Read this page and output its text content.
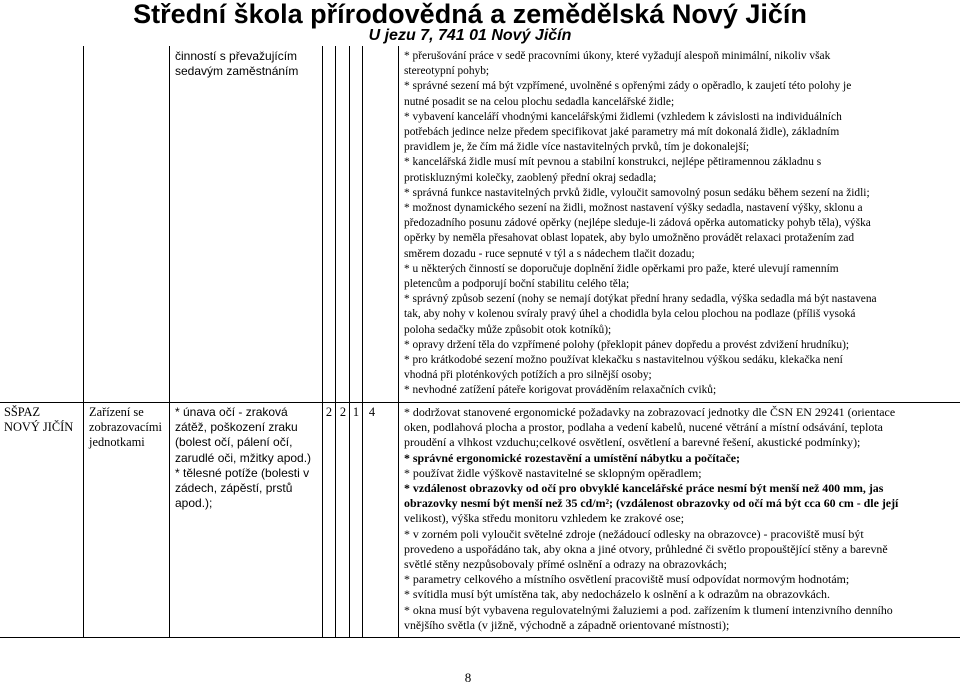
Střední škola přírodovědná a zemědělská Nový Jičín
U jezu 7, 741 01 Nový Jičín

činností s převažujícím

sedavým zaměstnáním

* přerušování práce v sedě pracovními úkony, které vyžadují alespoň minimální, nikoliv však

stereotypní pohyb;

* správné sezení má být vzpřímené, uvolněné s opřenými zády o opěradlo, k zaujetí této polohy je

nutné posadit se na celou plochu sedadla kancelářské židle;

* vybavení kanceláří vhodnými kancelářskými židlemi (vzhledem k závislosti na individuálních

potřebách jedince nelze předem specifikovat jaké parametry má mít dokonalá židle), základním

pravidlem je, že čím má židle více nastavitelných prvků, tím je dokonalejší;

* kancelářská židle musí mít pevnou a stabilní konstrukci, nejlépe pětiramennou základnu s

protiskluznými kolečky, zaoblený přední okraj sedadla;

* správná funkce nastavitelných prvků židle, vyloučit samovolný posun sedáku během sezení na židli;

* možnost dynamického sezení na židli, možnost nastavení výšky sedadla, nastavení výšky, sklonu a

předozadního posunu zádové opěrky (nejlépe sleduje-li zádová opěrka automaticky pohyb těla), výška

opěrky by neměla přesahovat oblast lopatek, aby bylo umožněno provádět relaxaci protažením zad

směrem dozadu - ruce sepnuté v týl a s nádechem tlačit dozadu;

* u některých činností se doporučuje doplnění židle opěrkami pro paže, které ulevují ramenním

pletencům a podporují boční stabilitu celého těla;

* správný způsob sezení (nohy se nemají dotýkat přední hrany sedadla, výška sedadla má být nastavena

tak, aby nohy v kolenou svíraly pravý úhel a chodidla byla celou plochou na podlaze (příliš vysoká

poloha sedačky může způsobit otok kotníků);

* opravy držení těla do vzpřímené polohy (překlopit pánev dopředu a provést zdvižení hrudníku);

* pro krátkodobé sezení možno používat klekačku s nastavitelnou výškou sedáku, klekačka není

vhodná při ploténkových potížích a pro silnější osoby;

* nevhodné zatížení páteře korigovat prováděním relaxačních cviků;

SŠPAZ

NOVÝ JIČÍN

Zařízení se

zobrazovacími

jednotkami

* únava očí - zraková

zátěž, poškození zraku

(bolest očí, pálení očí,

zarudlé oči, mžitky apod.)

* tělesné potíže (bolesti v

zádech, zápěstí, prstů

apod.);

2 2 1 4 * dodržovat stanovené ergonomické požadavky na zobrazovací jednotky dle ČSN EN 29241 (orientace

oken, podlahová plocha a prostor, podlaha a vedení kabelů, nucené větrání a místní odsávání, teplota

proudění a vlhkost vzduchu;celkové osvětlení, osvětlení a barevné řešení, akustické podmínky);

* správné ergonomické rozestavění a umístění nábytku a počítače;

* používat židle výškově nastavitelné se sklopným opěradlem;

* vzdálenost obrazovky od očí pro obvyklé kancelářské práce nesmí být menší než 400 mm, jas

obrazovky nesmí být menší než 35 cd/m²; (vzdálenost obrazovky od očí má být cca 60 cm - dle její

velikost), výška středu monitoru vzhledem ke zrakové ose;

* v zorném poli vyloučit světelné zdroje (nežádoucí odlesky na obrazovce) - pracoviště musí být

provedeno a uspořádáno tak, aby okna a jiné otvory, průhledné či světlo propouštějící stěny a barevně

světlé stěny nezpůsobovaly přímé oslnění a odrazy na obrazovkách;

* parametry celkového a místního osvětlení pracoviště musí odpovídat normovým hodnotám;

* svítidla musí být umístěna tak, aby nedocházelo k oslnění a k odrazům na obrazovkách.

* okna musí být vybavena regulovatelnými žaluziemi a pod. zařízením k tlumení intenzivního denního

vnějšího světla (v jižně, východně a západně orientované místnosti);

8
